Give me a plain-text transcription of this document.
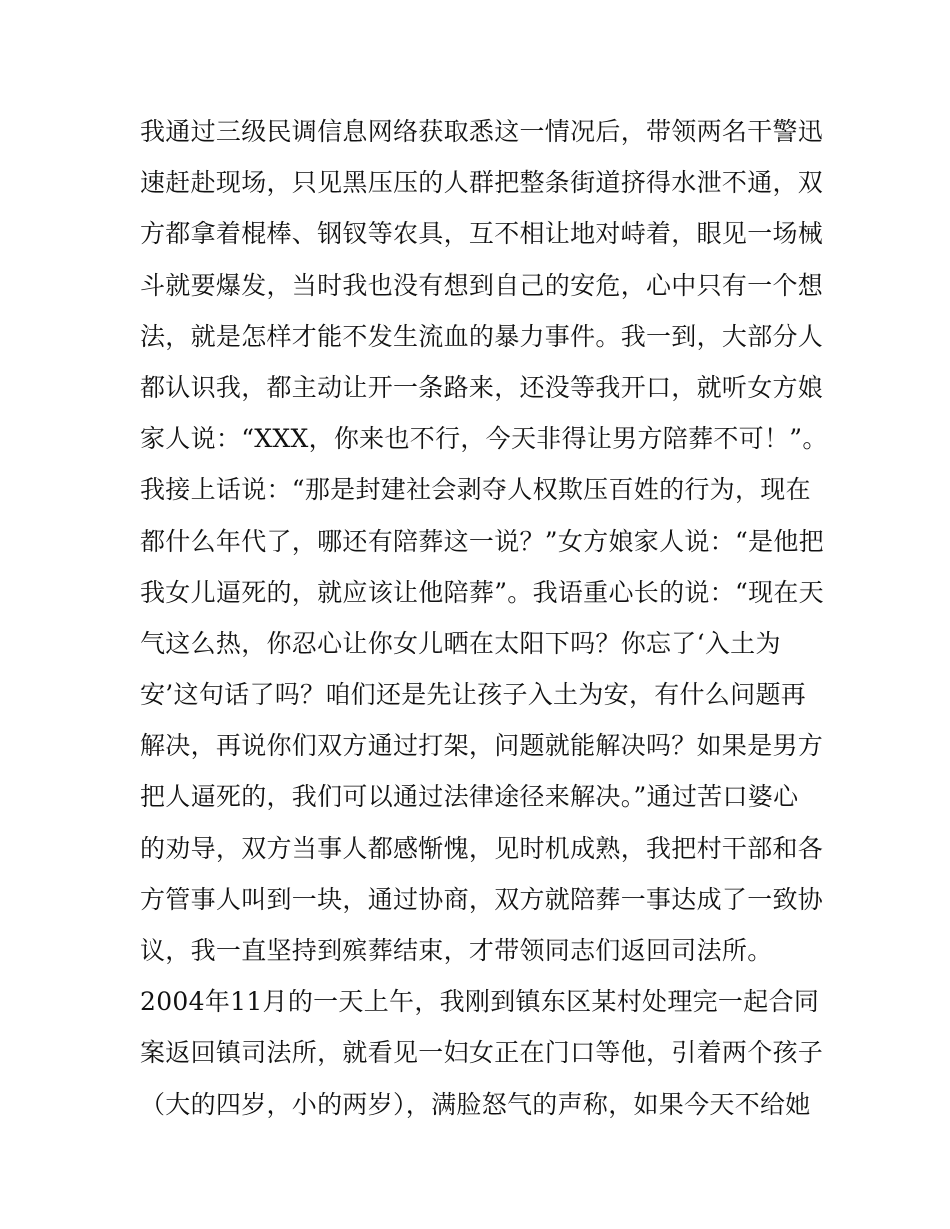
我通过三级民调信息网络获取悉这一情况后，带领两名干警迅
速赶赴现场，只见黑压压的人群把整条街道挤得水泄不通，双
方都拿着棍棒、钢钗等农具，互不相让地对峙着，眼见一场械
斗就要爆发，当时我也没有想到自己的安危，心中只有一个想
法，就是怎样才能不发生流血的暴力事件。我一到，大部分人
都认识我，都主动让开一条路来，还没等我开口，就听女方娘
家人说：“XXX，你来也不行，今天非得让男方陪葬不可！”。
我接上话说：“那是封建社会剥夺人权欺压百姓的行为，现在
都什么年代了，哪还有陪葬这一说？”女方娘家人说：“是他把
我女儿逼死的，就应该让他陪葬”。我语重心长的说：“现在天
气这么热，你忍心让你女儿晒在太阳下吗？你忘了‘入土为
安’这句话了吗？咱们还是先让孩子入土为安，有什么问题再
解决，再说你们双方通过打架，问题就能解决吗？如果是男方
把人逼死的，我们可以通过法律途径来解决。”通过苦口婆心
的劝导，双方当事人都感惭愧，见时机成熟，我把村干部和各
方管事人叫到一块，通过协商，双方就陪葬一事达成了一致协
议，我一直坚持到殡葬结束，才带领同志们返回司法所。
2004年11月的一天上午，我刚到镇东区某村处理完一起合同
案返回镇司法所，就看见一妇女正在门口等他，引着两个孩子
（大的四岁，小的两岁），满脸怒气的声称，如果今天不给她
